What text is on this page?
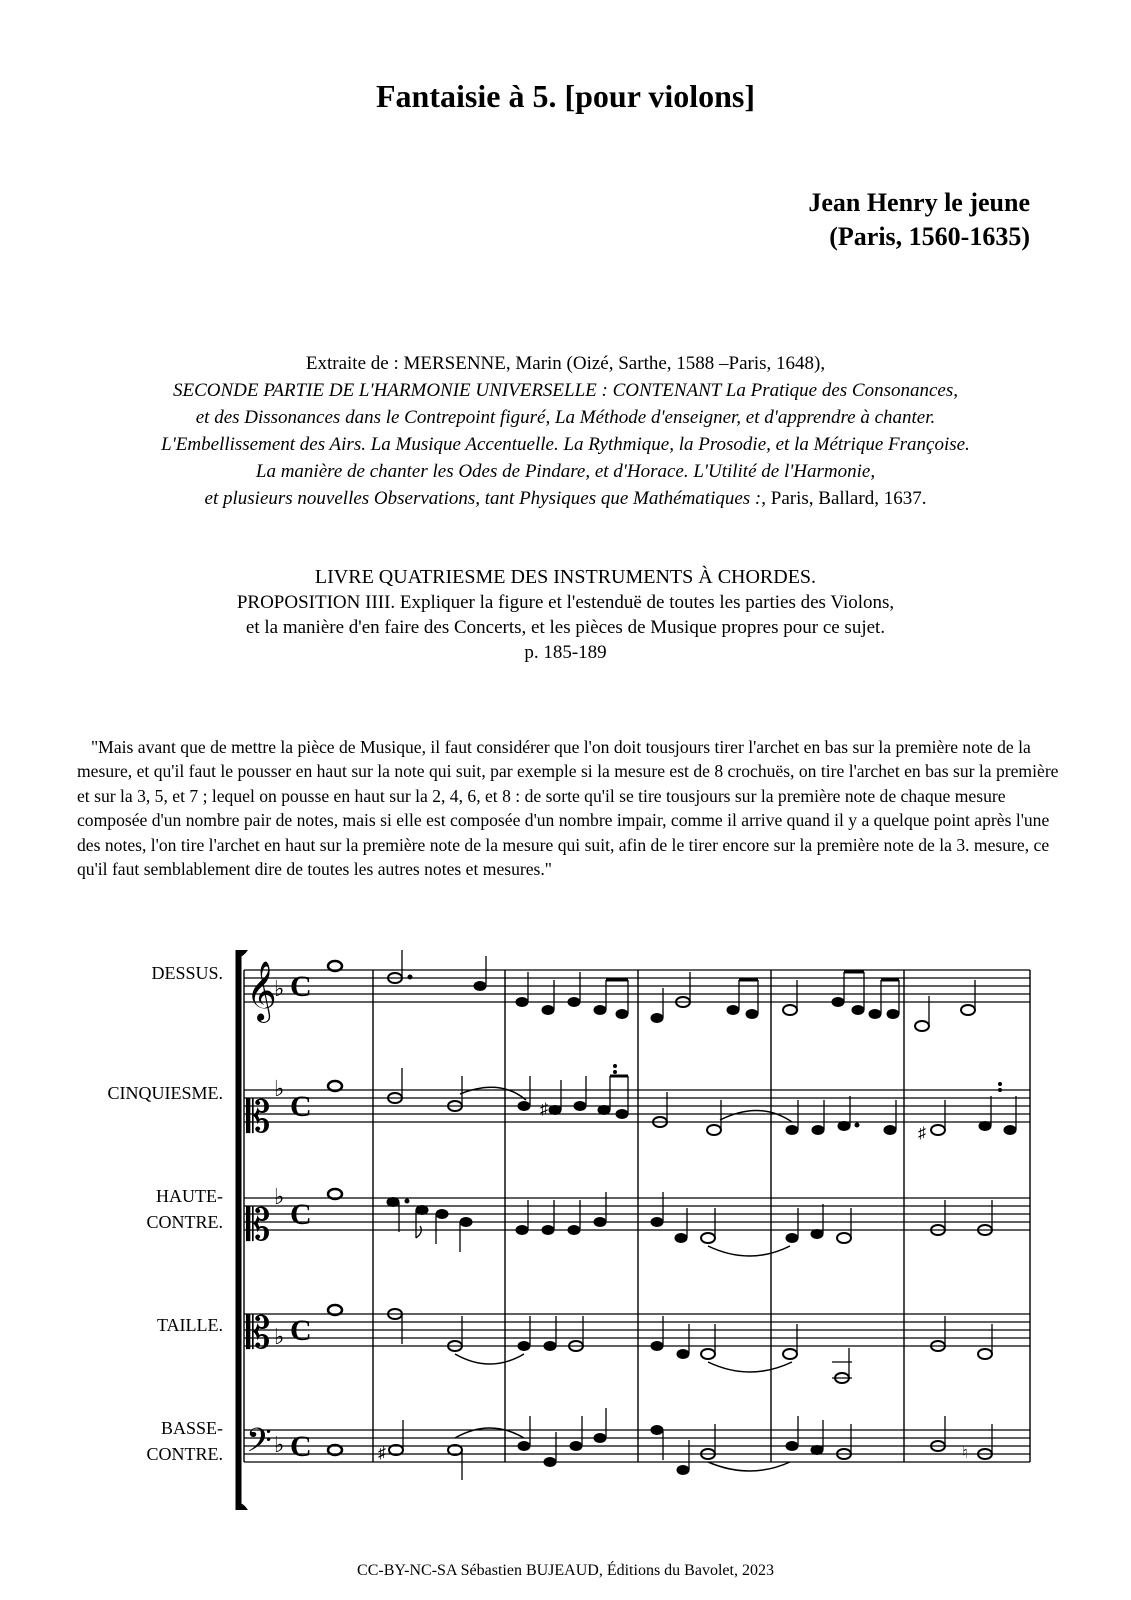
Fantaisie à 5. [pour violons]
Jean Henry le jeune
(Paris, 1560-1635)
Extraite de : MERSENNE, Marin (Oizé, Sarthe, 1588 –Paris, 1648),
SECONDE PARTIE DE L'HARMONIE UNIVERSELLE : CONTENANT La Pratique des Consonances,
et des Dissonances dans le Contrepoint figuré, La Méthode d'enseigner, et d'apprendre à chanter.
L'Embellissement des Airs. La Musique Accentuelle. La Rythmique, la Prosodie, et la Métrique Françoise.
La manière de chanter les Odes de Pindare, et d'Horace. L'Utilité de l'Harmonie,
et plusieurs nouvelles Observations, tant Physiques que Mathématiques :, Paris, Ballard, 1637.
LIVRE QUATRIESME DES INSTRUMENTS À CHORDES.
PROPOSITION IIII. Expliquer la figure et l'estenduë de toutes les parties des Violons,
et la manière d'en faire des Concerts, et les pièces de Musique propres pour ce sujet.
p. 185-189
"Mais avant que de mettre la pièce de Musique, il faut considérer que l'on doit tousjours tirer l'archet en bas sur la première note de la mesure, et qu'il faut le pousser en haut sur la note qui suit, par exemple si la mesure est de 8 crochuës, on tire l'archet en bas sur la première et sur la 3, 5, et 7 ; lequel on pousse en haut sur la 2, 4, 6, et 8 : de sorte qu'il se tire tousjours sur la première note de chaque mesure composée d'un nombre pair de notes, mais si elle est composée d'un nombre impair, comme il arrive quand il y a quelque point après l'une des notes, l'on tire l'archet en haut sur la première note de la mesure qui suit, afin de le tirer encore sur la première note de la 3. mesure, ce qu'il faut semblablement dire de toutes les autres notes et mesures."
DESSUS.
CINQUIESME.
HAUTE-
CONTRE.
TAILLE.
BASSE-
CONTRE.
𝄞
𝄡
𝄡
𝄡
𝄢
♭
♭
♭
♭
♭
C
C
C
C
C
♯
♯
♯	♮
CC-BY-NC-SA Sébastien BUJEAUD, Éditions du Bavolet, 2023
